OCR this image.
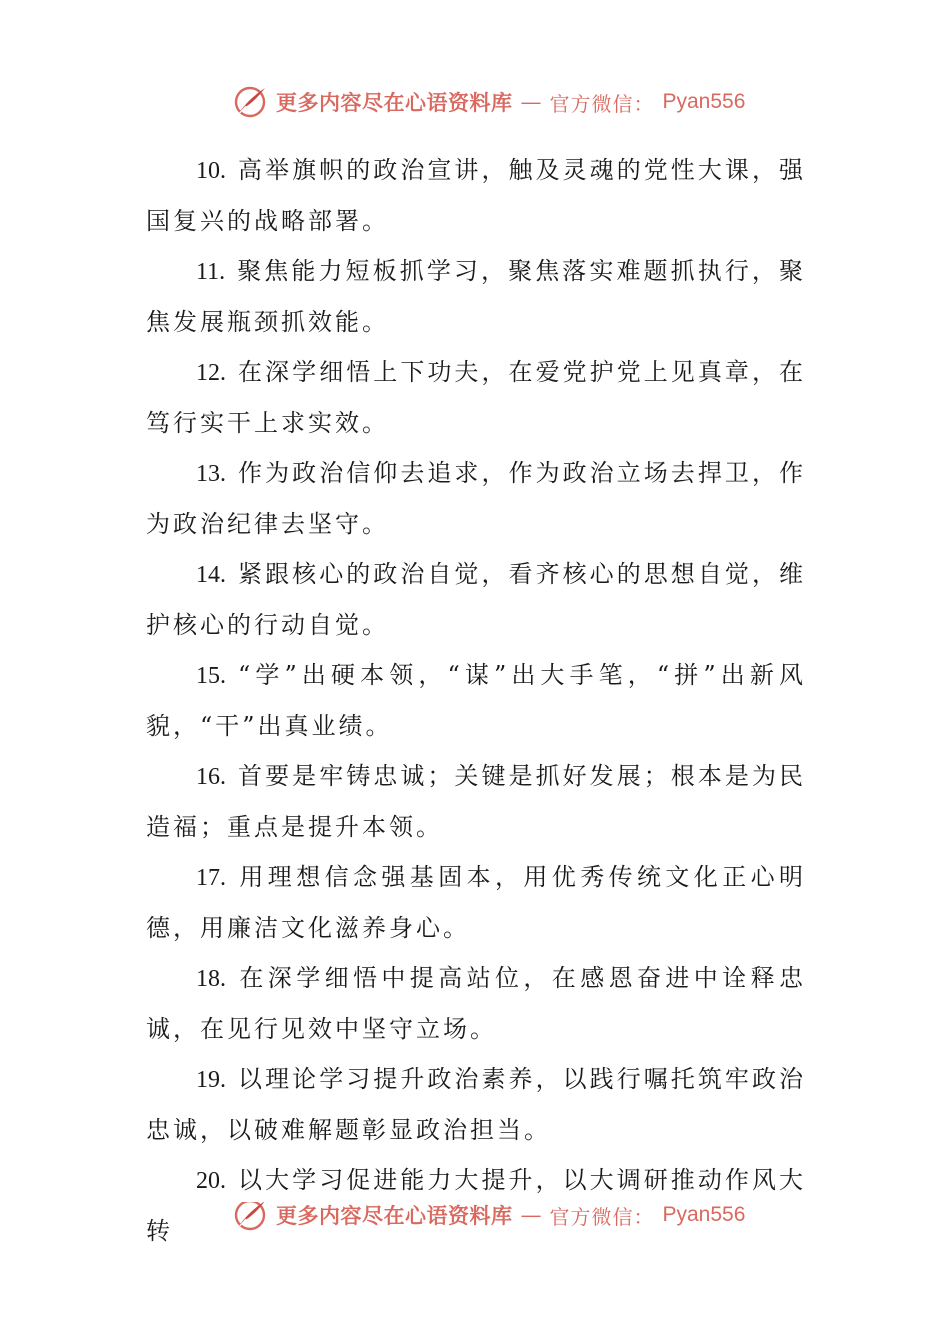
更多内容尽在心语资料库 — 官方微信： Pyan556

10. 高举旗帜的政治宣讲，触及灵魂的党性大课，强国复兴的战略部署。

11. 聚焦能力短板抓学习，聚焦落实难题抓执行，聚焦发展瓶颈抓效能。

12. 在深学细悟上下功夫，在爱党护党上见真章，在笃行实干上求实效。

13. 作为政治信仰去追求，作为政治立场去捍卫，作为政治纪律去坚守。

14. 紧跟核心的政治自觉，看齐核心的思想自觉，维护核心的行动自觉。

15. “学”出硬本领，“谋”出大手笔，“拼”出新风貌，“干”出真业绩。

16. 首要是牢铸忠诚；关键是抓好发展；根本是为民造福；重点是提升本领。

17. 用理想信念强基固本，用优秀传统文化正心明德，用廉洁文化滋养身心。

18. 在深学细悟中提高站位，在感恩奋进中诠释忠诚，在见行见效中坚守立场。

19. 以理论学习提升政治素养，以践行嘱托筑牢政治忠诚，以破难解题彰显政治担当。

20. 以大学习促进能力大提升，以大调研推动作风大转

更多内容尽在心语资料库 — 官方微信： Pyan556
